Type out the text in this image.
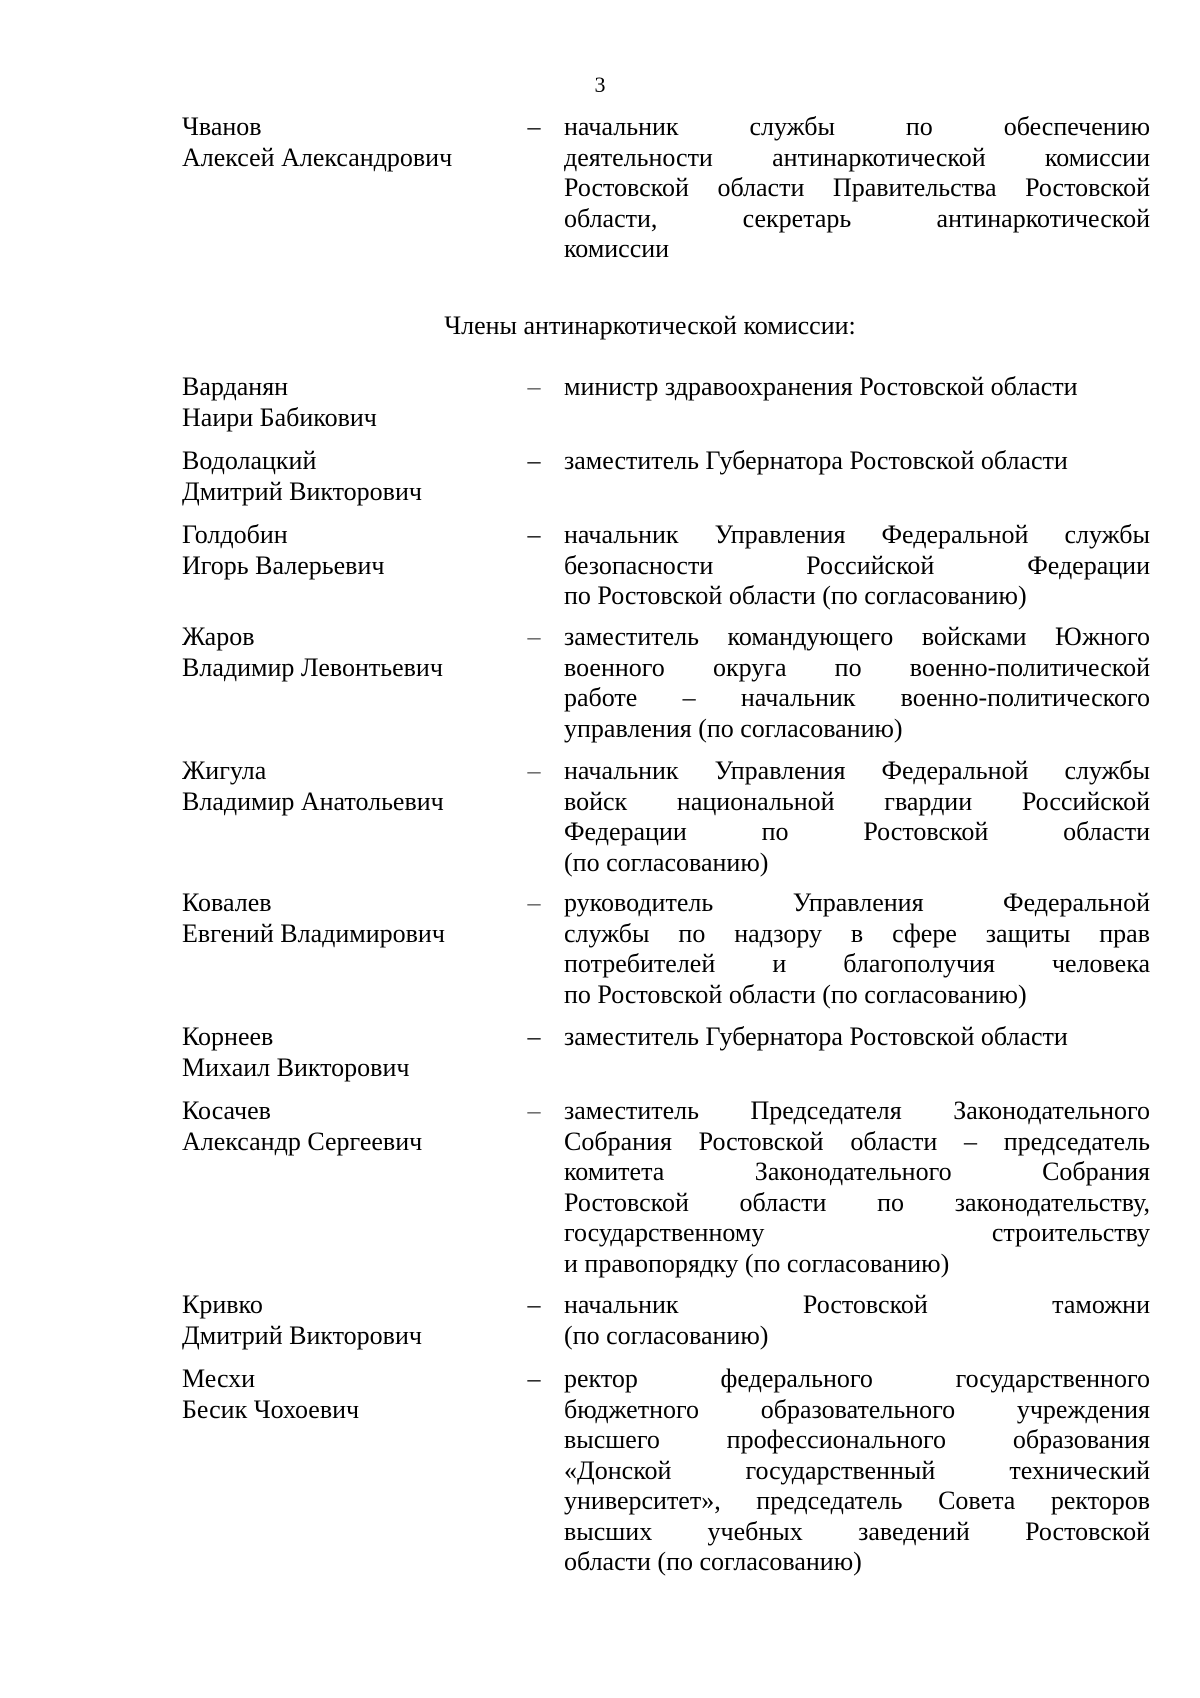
3
Чванов
Алексей Александрович
– начальник службы по обеспечению
деятельности антинаркотической комиссии
Ростовской области Правительства Ростовской
области, секретарь антинаркотической
комиссии
Члены антинаркотической комиссии:
Варданян
Наири Бабикович
– министр здравоохранения Ростовской области
Водолацкий
Дмитрий Викторович
– заместитель Губернатора Ростовской области
Голдобин
Игорь Валерьевич
– начальник Управления Федеральной службы
безопасности Российской Федерации
по Ростовской области (по согласованию)
Жаров
Владимир Левонтьевич
– заместитель командующего войсками Южного
военного округа по военно-политической
работе – начальник военно-политического
управления (по согласованию)
Жигула
Владимир Анатольевич
– начальник Управления Федеральной службы
войск национальной гвардии Российской
Федерации по Ростовской области
(по согласованию)
Ковалев
Евгений Владимирович
– руководитель Управления Федеральной
службы по надзору в сфере защиты прав
потребителей и благополучия человека
по Ростовской области (по согласованию)
Корнеев
Михаил Викторович
– заместитель Губернатора Ростовской области
Косачев
Александр Сергеевич
– заместитель Председателя Законодательного
Собрания Ростовской области – председатель
комитета Законодательного Собрания
Ростовской области по законодательству,
государственному строительству
и правопорядку (по согласованию)
Кривко
Дмитрий Викторович
– начальник Ростовской таможни
(по согласованию)
Месхи
Бесик Чохоевич
– ректор федерального государственного
бюджетного образовательного учреждения
высшего профессионального образования
«Донской государственный технический
университет», председатель Совета ректоров
высших учебных заведений Ростовской
области (по согласованию)
